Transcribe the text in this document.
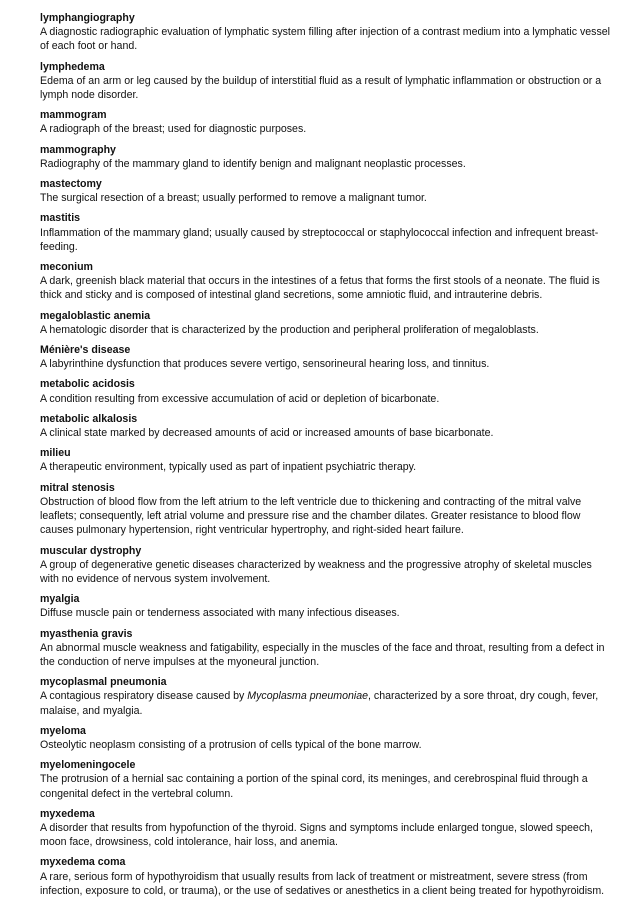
lymphangiography

A diagnostic radiographic evaluation of lymphatic system filling after injection of a contrast medium into a lymphatic vessel of each foot or hand.

lymphedema

Edema of an arm or leg caused by the buildup of interstitial fluid as a result of lymphatic inflammation or obstruction or a lymph node disorder.

mammogram

A radiograph of the breast; used for diagnostic purposes.

mammography

Radiography of the mammary gland to identify benign and malignant neoplastic processes.

mastectomy

The surgical resection of a breast; usually performed to remove a malignant tumor.

mastitis

Inflammation of the mammary gland; usually caused by streptococcal or staphylococcal infection and infrequent breast-feeding.

meconium

A dark, greenish black material that occurs in the intestines of a fetus that forms the first stools of a neonate. The fluid is thick and sticky and is composed of intestinal gland secretions, some amniotic fluid, and intrauterine debris.

megaloblastic anemia

A hematologic disorder that is characterized by the production and peripheral proliferation of megaloblasts.

Ménière's disease

A labyrinthine dysfunction that produces severe vertigo, sensorineural hearing loss, and tinnitus.

metabolic acidosis

A condition resulting from excessive accumulation of acid or depletion of bicarbonate.

metabolic alkalosis

A clinical state marked by decreased amounts of acid or increased amounts of base bicarbonate.

milieu

A therapeutic environment, typically used as part of inpatient psychiatric therapy.

mitral stenosis

Obstruction of blood flow from the left atrium to the left ventricle due to thickening and contracting of the mitral valve leaflets; consequently, left atrial volume and pressure rise and the chamber dilates. Greater resistance to blood flow causes pulmonary hypertension, right ventricular hypertrophy, and right-sided heart failure.

muscular dystrophy

A group of degenerative genetic diseases characterized by weakness and the progressive atrophy of skeletal muscles with no evidence of nervous system involvement.

myalgia

Diffuse muscle pain or tenderness associated with many infectious diseases.

myasthenia gravis

An abnormal muscle weakness and fatigability, especially in the muscles of the face and throat, resulting from a defect in the conduction of nerve impulses at the myoneural junction.

mycoplasmal pneumonia

A contagious respiratory disease caused by Mycoplasma pneumoniae, characterized by a sore throat, dry cough, fever, malaise, and myalgia.

myeloma

Osteolytic neoplasm consisting of a protrusion of cells typical of the bone marrow.

myelomeningocele

The protrusion of a hernial sac containing a portion of the spinal cord, its meninges, and cerebrospinal fluid through a congenital defect in the vertebral column.

myxedema

A disorder that results from hypofunction of the thyroid. Signs and symptoms include enlarged tongue, slowed speech, moon face, drowsiness, cold intolerance, hair loss, and anemia.

myxedema coma

A rare, serious form of hypothyroidism that usually results from lack of treatment or mistreatment, severe stress (from infection, exposure to cold, or trauma), or the use of sedatives or anesthetics in a client being treated for hypothyroidism.
